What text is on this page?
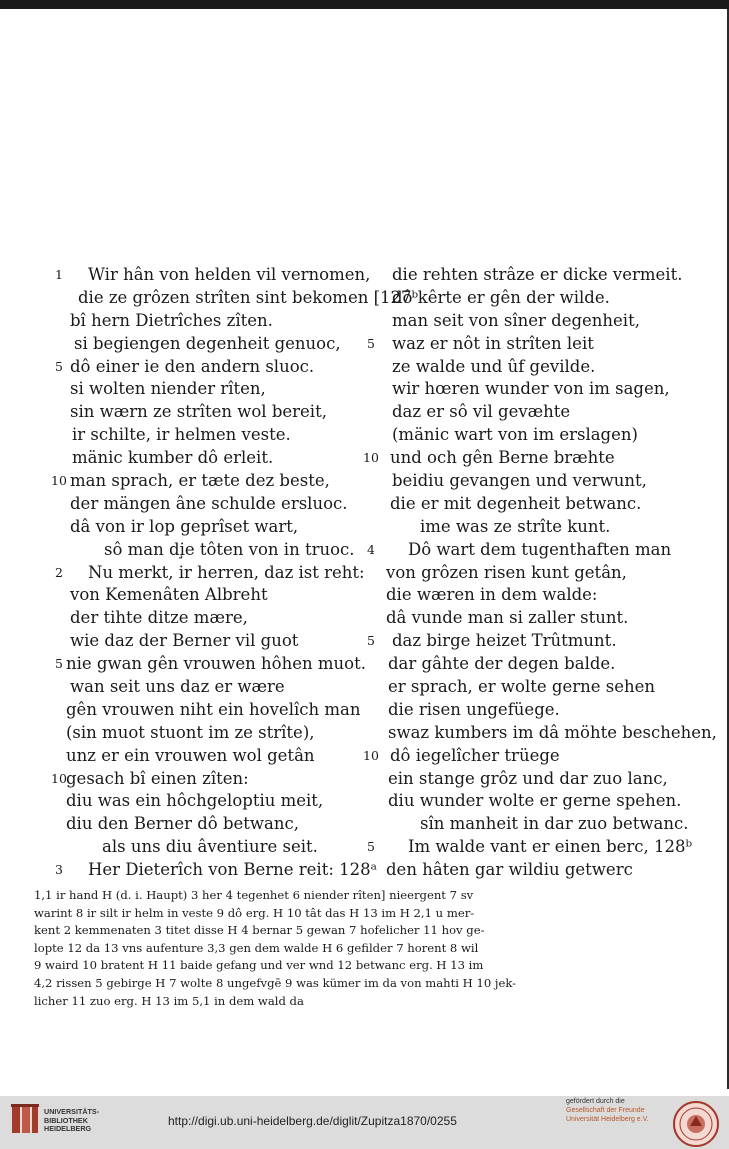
1	Wir hân von helden vil vernomen,
die ze grôzen strîten sint bekomen [127ᵇ
bî hern Dietrîches zîten.
si begiengen degenheit genuoc,
5 dô einer ie den andern sluoc.
si wolten niender rîten,
sin wærn ze strîten wol bereit,
ir schilte, ir helmen veste.
mänic kumber dô erleit.
10 man sprach, er tæte dez beste,
der mängen âne schulde ersluoc.
dâ von ir lop geprîset wart,
sô man di̧e tôten von in truoc.
2	Nu merkt, ir herren, daz ist reht:
von Kemenâten Albreht
der tihte ditze mære,
wie daz der Berner vil guot
5 nie gwan gên vrouwen hôhen muot.
wan seit uns daz er wære
gên vrouwen niht ein hovelîch man
(sin muot stuont im ze strîte),
unz er ein vrouwen wol getân
10 gesach bî einen zîten:
diu was ein hôchgeloptiu meit,
diu den Berner dô betwanc,
als uns diu âventiure seit.
3	Her Dieterîch von Berne reit: 128ᵃ
die rehten strâze er dicke vermeit.
dô kêrte er gên der wilde.
man seit von sîner degenheit,
5	waz er nôt in strîten leit
ze walde und ûf gevilde.
wir hœren wunder von im sagen,
daz er sô vil gevæhte
(mänic wart von im erslagen)
10 und och gên Berne bræhte
beidiu gevangen und verwunt,
die er mit degenheit betwanc.
ime was ze strîte kunt.
4	Dô wart dem tugenthaften man
von grôzen risen kunt getân,
die wæren in dem walde:
dâ vunde man si zaller stunt.
5	daz birge heizet Trûtmunt.
dar gâhte der degen balde.
er sprach, er wolte gerne sehen
die risen ungefüege.
swaz kumbers im dâ möhte beschehen,
10 dô iegelîcher trüege
ein stange grôz und dar zuo lanc,
diu wunder wolte er gerne spehen.
sîn manheit in dar zuo betwanc.
5	Im walde vant er einen berc, 128ᵇ
den hâten gar wildiu getwerc
1,1 ir hand H (d. i. Haupt) 3 her 4 tegenhet 6 niender rîten] nieergent 7 sv
warint 8 ir silt ir helm in veste 9 dô erg. H 10 tât das H 13 im H 2,1 u mer-
kent 2 kemmenaten 3 titet disse H 4 bernar 5 gewan 7 hofelicher 11 hov ge-
lopte 12 da 13 vns aufenture 3,3 gen dem walde H 6 gefilder 7 horent 8 wil
9 waird 10 bratent H 11 baide gefang und ver wnd 12 betwanc erg. H 13 im
4,2 rissen 5 gebirge H 7 wolte 8 ungefvgē 9 was kümer im da von mahti H 10 jek-
licher 11 zuo erg. H 13 im 5,1 in dem wald da
UNIVERSITÄTS-
BIBLIOTHEK
HEIDELBERG
http://digi.ub.uni-heidelberg.de/diglit/Zupitza1870/0255
gefördert durch die
Gesellschaft der Freunde
Universität Heidelberg e.V.
